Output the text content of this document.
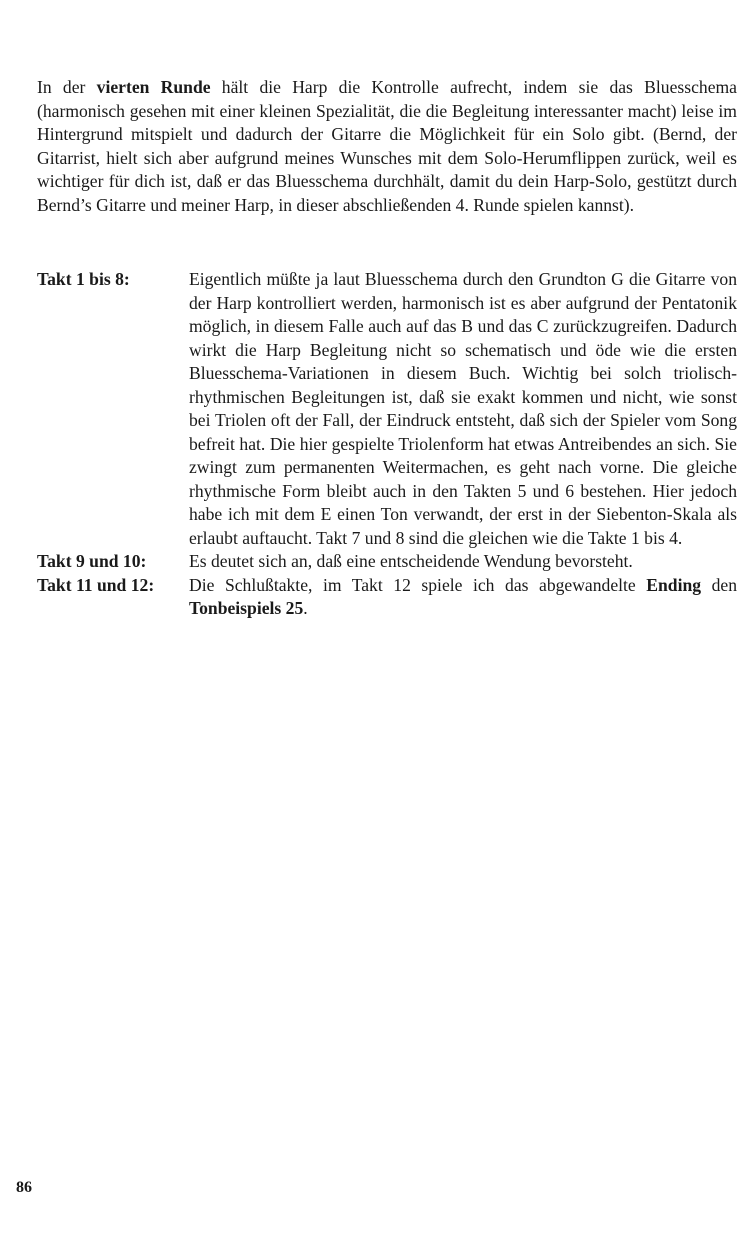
In der vierten Runde hält die Harp die Kontrolle aufrecht, indem sie das Bluesschema (harmonisch gesehen mit einer kleinen Spezialität, die die Begleitung interessanter macht) leise im Hintergrund mitspielt und dadurch der Gitarre die Möglichkeit für ein Solo gibt. (Bernd, der Gitarrist, hielt sich aber aufgrund meines Wunsches mit dem Solo-Herumflippen zurück, weil es wichtiger für dich ist, daß er das Bluesschema durchhält, damit du dein Harp-Solo, gestützt durch Bernd’s Gitarre und meiner Harp, in dieser abschließenden 4. Runde spielen kannst).

Takt 1 bis 8:	Eigentlich müßte ja laut Bluesschema durch den Grundton G die Gitarre von der Harp kontrolliert werden, harmonisch ist es aber aufgrund der Pentatonik möglich, in diesem Falle auch auf das B und das C zurückzugreifen. Dadurch wirkt die Harp Begleitung nicht so schematisch und öde wie die ersten Bluesschema-Variationen in diesem Buch. Wichtig bei solch triolisch-rhythmischen Begleitungen ist, daß sie exakt kommen und nicht, wie sonst bei Triolen oft der Fall, der Eindruck entsteht, daß sich der Spieler vom Song befreit hat. Die hier gespielte Triolenform hat etwas Antreibendes an sich. Sie zwingt zum permanenten Weitermachen, es geht nach vorne. Die gleiche rhythmische Form bleibt auch in den Takten 5 und 6 bestehen. Hier jedoch habe ich mit dem E einen Ton verwandt, der erst in der Siebenton-Skala als erlaubt auftaucht. Takt 7 und 8 sind die gleichen wie die Takte 1 bis 4.

Takt 9 und 10:	Es deutet sich an, daß eine entscheidende Wendung bevorsteht.

Takt 11 und 12:	Die Schlußtakte, im Takt 12 spiele ich das abgewandelte Ending den Tonbeispiels 25.

86
